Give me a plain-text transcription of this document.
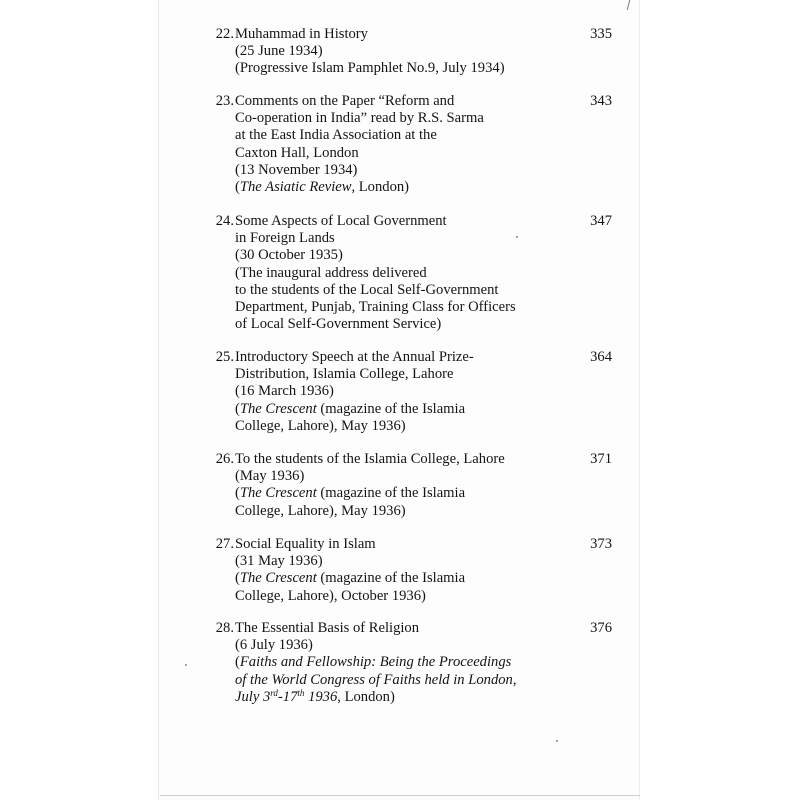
22. Muhammad in History
(25 June 1934)
(Progressive Islam Pamphlet No.9, July 1934)
335
23. Comments on the Paper “Reform and
Co-operation in India” read by R.S. Sarma
at the East India Association at the
Caxton Hall, London
(13 November 1934)
(The Asiatic Review, London)
343
24. Some Aspects of Local Government
in Foreign Lands
(30 October 1935)
(The inaugural address delivered
to the students of the Local Self-Government
Department, Punjab, Training Class for Officers
of Local Self-Government Service)
347
25. Introductory Speech at the Annual Prize-
Distribution, Islamia College, Lahore
(16 March 1936)
(The Crescent (magazine of the Islamia
College, Lahore), May 1936)
364
26. To the students of the Islamia College, Lahore
(May 1936)
(The Crescent (magazine of the Islamia
College, Lahore), May 1936)
371
27. Social Equality in Islam
(31 May 1936)
(The Crescent (magazine of the Islamia
College, Lahore), October 1936)
373
28. The Essential Basis of Religion
(6 July 1936)
(Faiths and Fellowship: Being the Proceedings
of the World Congress of Faiths held in London,
July 3rd-17th 1936, London)
376
